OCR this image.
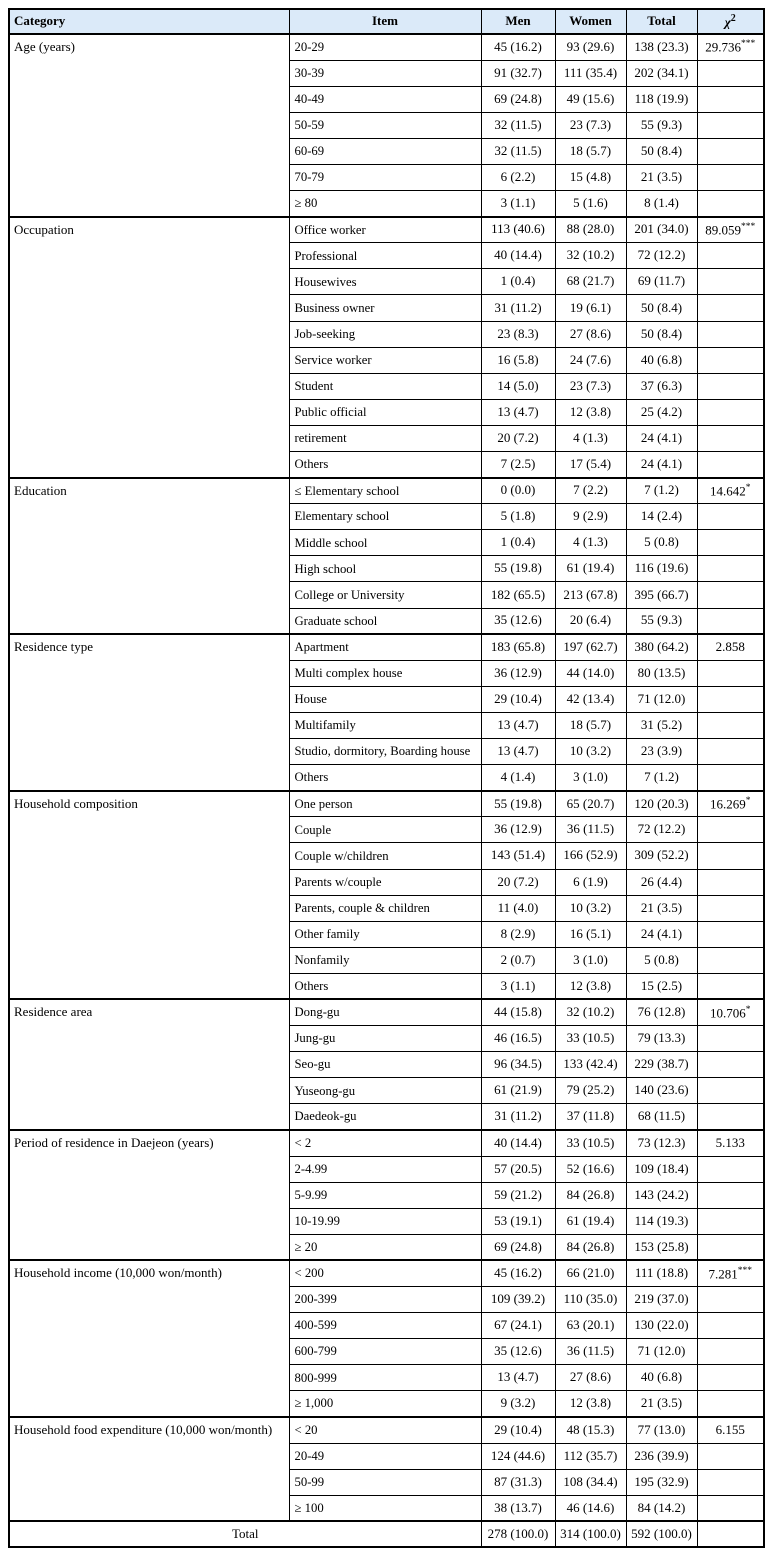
Category	Item	Men	Women	Total	$\chi^2$
Age (years)	20-29	45 (16.2)	93 (29.6)	138 (23.3)	29.736***
	30-39	91 (32.7)	111 (35.4)	202 (34.1)	
	40-49	69 (24.8)	49 (15.6)	118 (19.9)	
	50-59	32 (11.5)	23 (7.3)	55 (9.3)	
	60-69	32 (11.5)	18 (5.7)	50 (8.4)	
	70-79	6 (2.2)	15 (4.8)	21 (3.5)	
	≥ 80	3 (1.1)	5 (1.6)	8 (1.4)	
Occupation	Office worker	113 (40.6)	88 (28.0)	201 (34.0)	89.059***
	Professional	40 (14.4)	32 (10.2)	72 (12.2)	
	Housewives	1 (0.4)	68 (21.7)	69 (11.7)	
	Business owner	31 (11.2)	19 (6.1)	50 (8.4)	
	Job-seeking	23 (8.3)	27 (8.6)	50 (8.4)	
	Service worker	16 (5.8)	24 (7.6)	40 (6.8)	
	Student	14 (5.0)	23 (7.3)	37 (6.3)	
	Public official	13 (4.7)	12 (3.8)	25 (4.2)	
	retirement	20 (7.2)	4 (1.3)	24 (4.1)	
	Others	7 (2.5)	17 (5.4)	24 (4.1)	
Education	≤ Elementary school	0 (0.0)	7 (2.2)	7 (1.2)	14.642*
	Elementary school	5 (1.8)	9 (2.9)	14 (2.4)	
	Middle school	1 (0.4)	4 (1.3)	5 (0.8)	
	High school	55 (19.8)	61 (19.4)	116 (19.6)	
	College or University	182 (65.5)	213 (67.8)	395 (66.7)	
	Graduate school	35 (12.6)	20 (6.4)	55 (9.3)	
Residence type	Apartment	183 (65.8)	197 (62.7)	380 (64.2)	2.858
	Multi complex house	36 (12.9)	44 (14.0)	80 (13.5)	
	House	29 (10.4)	42 (13.4)	71 (12.0)	
	Multifamily	13 (4.7)	18 (5.7)	31 (5.2)	
	Studio, dormitory, Boarding house	13 (4.7)	10 (3.2)	23 (3.9)	
	Others	4 (1.4)	3 (1.0)	7 (1.2)	
Household composition	One person	55 (19.8)	65 (20.7)	120 (20.3)	16.269*
	Couple	36 (12.9)	36 (11.5)	72 (12.2)	
	Couple w/children	143 (51.4)	166 (52.9)	309 (52.2)	
	Parents w/couple	20 (7.2)	6 (1.9)	26 (4.4)	
	Parents, couple & children	11 (4.0)	10 (3.2)	21 (3.5)	
	Other family	8 (2.9)	16 (5.1)	24 (4.1)	
	Nonfamily	2 (0.7)	3 (1.0)	5 (0.8)	
	Others	3 (1.1)	12 (3.8)	15 (2.5)	
Residence area	Dong-gu	44 (15.8)	32 (10.2)	76 (12.8)	10.706*
	Jung-gu	46 (16.5)	33 (10.5)	79 (13.3)	
	Seo-gu	96 (34.5)	133 (42.4)	229 (38.7)	
	Yuseong-gu	61 (21.9)	79 (25.2)	140 (23.6)	
	Daedeok-gu	31 (11.2)	37 (11.8)	68 (11.5)	
Period of residence in Daejeon (years)	< 2	40 (14.4)	33 (10.5)	73 (12.3)	5.133
	2-4.99	57 (20.5)	52 (16.6)	109 (18.4)	
	5-9.99	59 (21.2)	84 (26.8)	143 (24.2)	
	10-19.99	53 (19.1)	61 (19.4)	114 (19.3)	
	≥ 20	69 (24.8)	84 (26.8)	153 (25.8)	
Household income (10,000 won/month)	< 200	45 (16.2)	66 (21.0)	111 (18.8)	7.281***
	200-399	109 (39.2)	110 (35.0)	219 (37.0)	
	400-599	67 (24.1)	63 (20.1)	130 (22.0)	
	600-799	35 (12.6)	36 (11.5)	71 (12.0)	
	800-999	13 (4.7)	27 (8.6)	40 (6.8)	
	≥ 1,000	9 (3.2)	12 (3.8)	21 (3.5)	
Household food expenditure (10,000 won/month)	< 20	29 (10.4)	48 (15.3)	77 (13.0)	6.155
	20-49	124 (44.6)	112 (35.7)	236 (39.9)	
	50-99	87 (31.3)	108 (34.4)	195 (32.9)	
	≥ 100	38 (13.7)	46 (14.6)	84 (14.2)	
Total		278 (100.0)	314 (100.0)	592 (100.0)	
